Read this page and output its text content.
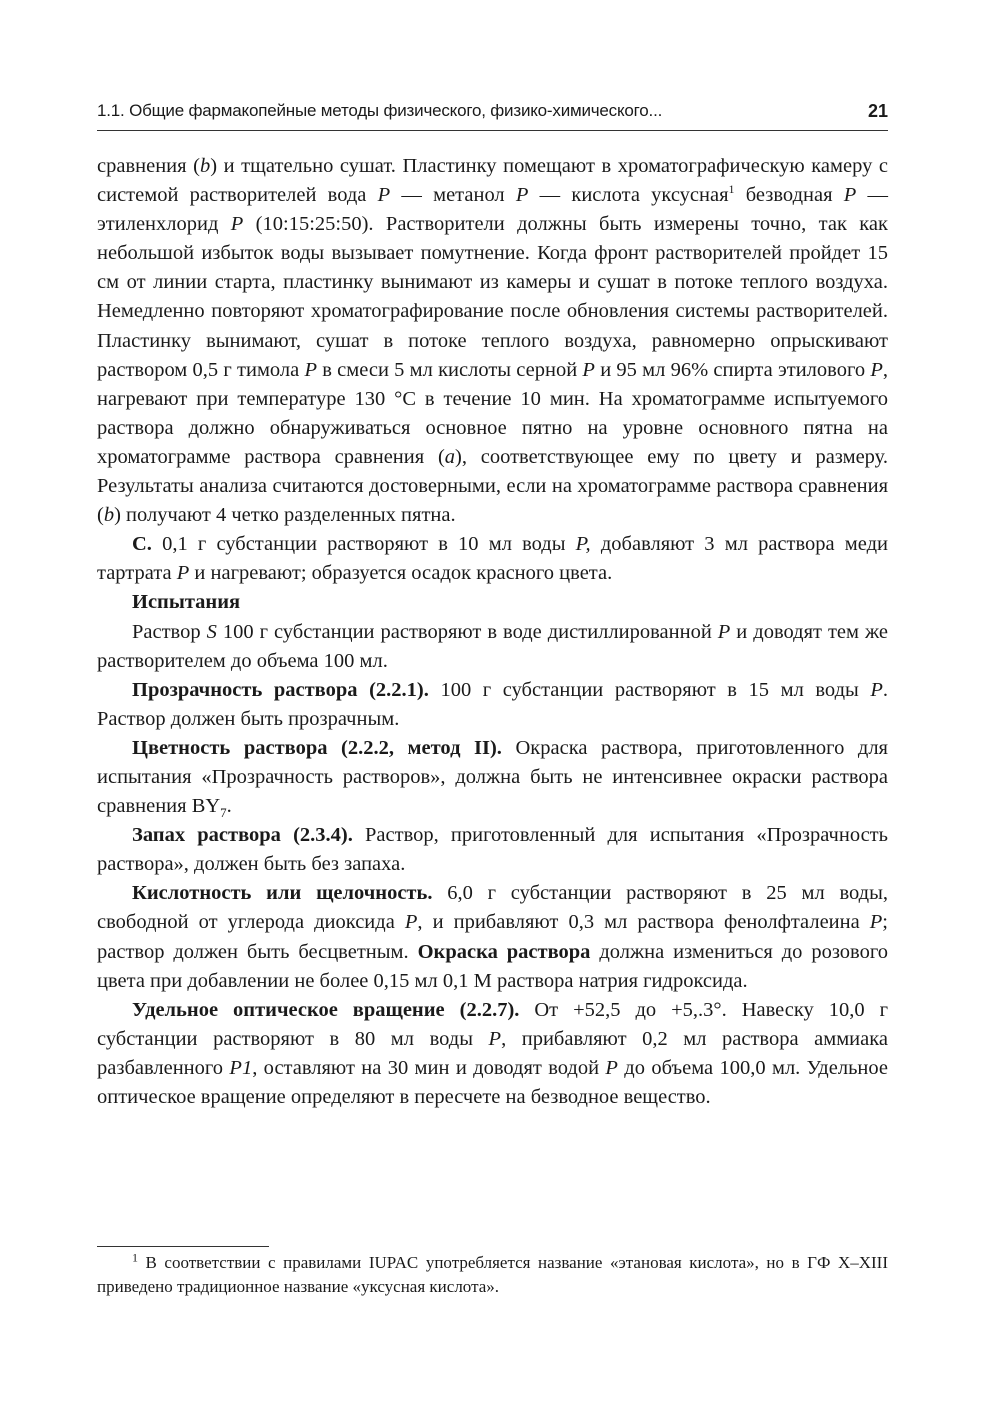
1.1. Общие фармакопейные методы физического, физико-химического...	21

сравнения (b) и тщательно сушат. Пластинку помещают в хроматографическую камеру с системой растворителей вода P — метанол P — кислота уксусная$^1$ безводная P — этиленхлорид P (10:15:25:50). Растворители должны быть измерены точно, так как небольшой избыток воды вызывает помутнение. Когда фронт растворителей пройдет 15 см от линии старта, пластинку вынимают из камеры и сушат в потоке теплого воздуха. Немедленно повторяют хроматографирование после обновления системы растворителей. Пластинку вынимают, сушат в потоке теплого воздуха, равномерно опрыскивают раствором 0,5 г тимола P в смеси 5 мл кислоты серной P и 95 мл 96% спирта этилового P, нагревают при температуре 130 °С в течение 10 мин. На хроматограмме испытуемого раствора должно обнаруживаться основное пятно на уровне основного пятна на хроматограмме раствора сравнения (a), соответствующее ему по цвету и размеру. Результаты анализа считаются достоверными, если на хроматограмме раствора сравнения (b) получают 4 четко разделенных пятна.

С. 0,1 г субстанции растворяют в 10 мл воды P, добавляют 3 мл раствора меди тартрата P и нагревают; образуется осадок красного цвета.

Испытания

Раствор S 100 г субстанции растворяют в воде дистиллированной P и доводят тем же растворителем до объема 100 мл.

Прозрачность раствора (2.2.1). 100 г субстанции растворяют в 15 мл воды P. Раствор должен быть прозрачным.

Цветность раствора (2.2.2, метод II). Окраска раствора, приготовленного для испытания «Прозрачность растворов», должна быть не интенсивнее окраски раствора сравнения $BY_7$.

Запах раствора (2.3.4). Раствор, приготовленный для испытания «Прозрачность раствора», должен быть без запаха.

Кислотность или щелочность. 6,0 г субстанции растворяют в 25 мл воды, свободной от углерода диоксида P, и прибавляют 0,3 мл раствора фенолфталеина P; раствор должен быть бесцветным. Окраска раствора должна измениться до розового цвета при добавлении не более 0,15 мл 0,1 М раствора натрия гидроксида.

Удельное оптическое вращение (2.2.7). От +52,5 до +5,.3°. Навеску 10,0 г субстанции растворяют в 80 мл воды P, прибавляют 0,2 мл раствора аммиака разбавленного P1, оставляют на 30 мин и доводят водой P до объема 100,0 мл. Удельное оптическое вращение определяют в пересчете на безводное вещество.

$^1$ В соответствии с правилами IUPAC употребляется название «этановая кислота», но в ГФ Х–XIII приведено традиционное название «уксусная кислота».
